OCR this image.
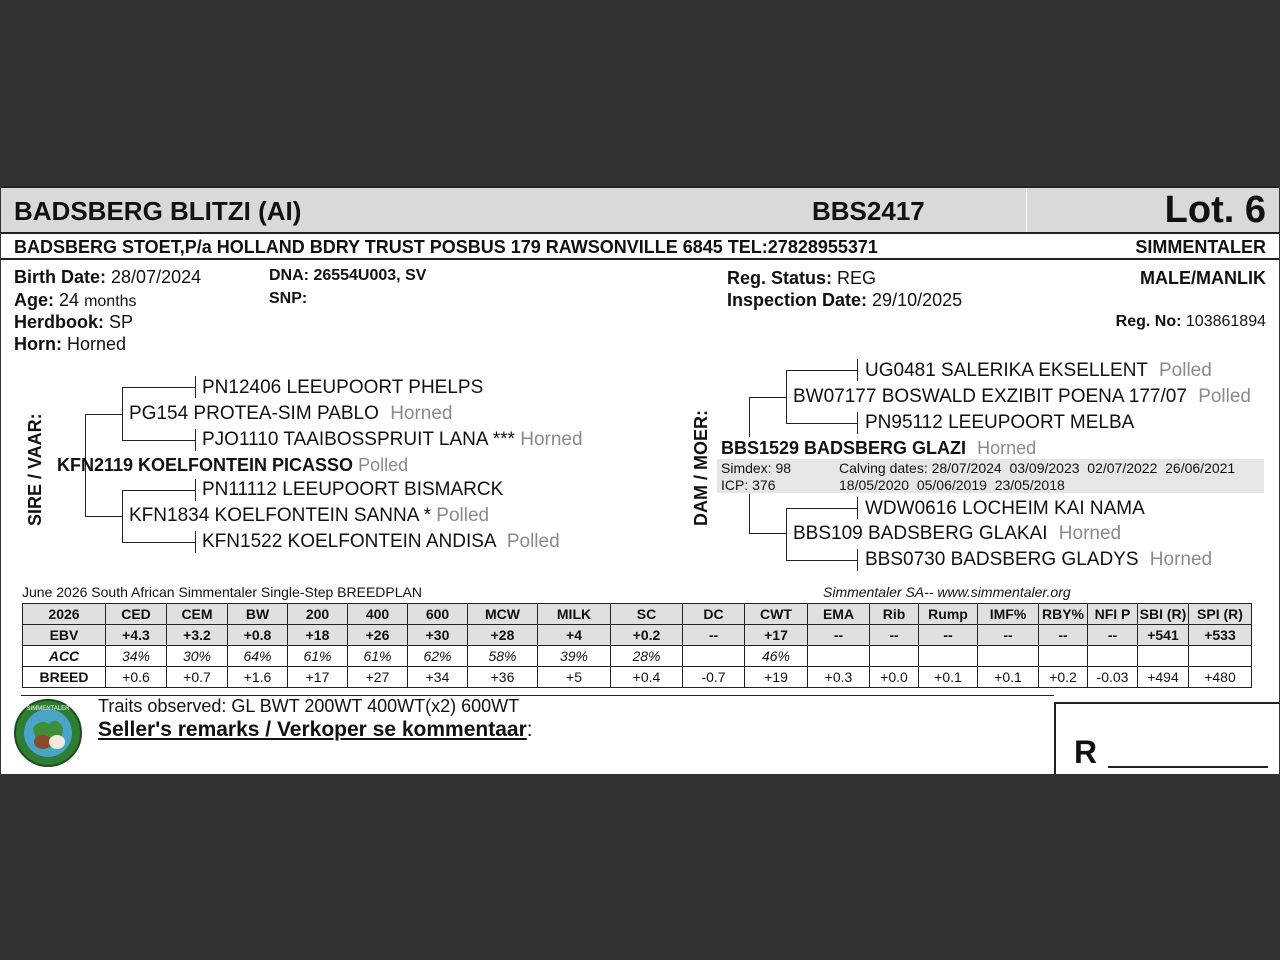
BADSBERG BLITZI (AI)	BBS2417	Lot. 6
BADSBERG STOET,P/a HOLLAND BDRY TRUST POSBUS 179 RAWSONVILLE 6845 TEL:27828955371	SIMMENTALER
Birth Date: 28/07/2024
Age: 24 months
Herdbook: SP
Horn: Horned
DNA: 26554U003, SV
SNP:
Reg. Status: REG
Inspection Date: 29/10/2025
MALE/MANLIK
Reg. No: 103861894
SIRE / VAAR:
PN12406 LEEUPOORT PHELPS
PG154 PROTEA-SIM PABLO Horned
PJO1110 TAAIBOSSPRUIT LANA *** Horned
KFN2119 KOELFONTEIN PICASSO Polled
PN11112 LEEUPOORT BISMARCK
KFN1834 KOELFONTEIN SANNA * Polled
KFN1522 KOELFONTEIN ANDISA Polled
DAM / MOER:
UG0481 SALERIKA EKSELLENT Polled
BW07177 BOSWALD EXZIBIT POENA 177/07 Polled
PN95112 LEEUPOORT MELBA
BBS1529 BADSBERG GLAZI Horned
Simdex: 98
ICP: 376
Calving dates: 28/07/2024  03/09/2023  02/07/2022  26/06/2021
18/05/2020  05/06/2019  23/05/2018
WDW0616 LOCHEIM KAI NAMA
BBS109 BADSBERG GLAKAI Horned
BBS0730 BADSBERG GLADYS Horned
June 2026 South African Simmentaler Single-Step BREEDPLAN	Simmentaler SA-- www.simmentaler.org
2026	CED	CEM	BW	200	400	600	MCW	MILK	SC	DC	CWT	EMA	Rib	Rump	IMF%	RBY%	NFI P	SBI (R)	SPI (R)
EBV	+4.3	+3.2	+0.8	+18	+26	+30	+28	+4	+0.2	--	+17	--	--	--	--	--	--	+541	+533
ACC	34%	30%	64%	61%	61%	62%	58%	39%	28%		46%								
BREED	+0.6	+0.7	+1.6	+17	+27	+34	+36	+5	+0.4	-0.7	+19	+0.3	+0.0	+0.1	+0.1	+0.2	-0.03	+494	+480
SIMMENTALER Traits observed: GL BWT 200WT 400WT(x2) 600WT
Seller's remarks / Verkoper se kommentaar:
R
